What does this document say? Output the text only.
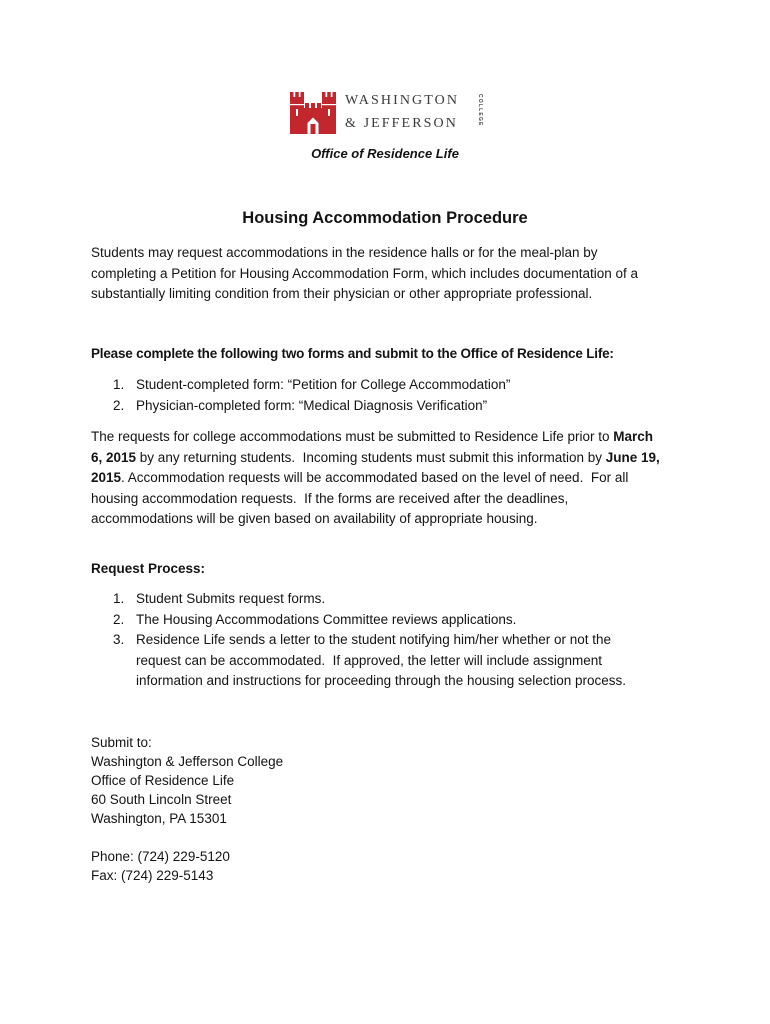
WASHINGTON
& JEFFERSON	COLLEGE
Office of Residence Life
Housing Accommodation Procedure
Students may request accommodations in the residence halls or for the meal-plan by
completing a Petition for Housing Accommodation Form, which includes documentation of a
substantially limiting condition from their physician or other appropriate professional.
Please complete the following two forms and submit to the Office of Residence Life:
1. Student-completed form: “Petition for College Accommodation”
2. Physician-completed form: “Medical Diagnosis Verification”
The requests for college accommodations must be submitted to Residence Life prior to March
6, 2015 by any returning students.  Incoming students must submit this information by June 19,
2015. Accommodation requests will be accommodated based on the level of need.  For all
housing accommodation requests.  If the forms are received after the deadlines,
accommodations will be given based on availability of appropriate housing.
Request Process:
1. Student Submits request forms.
2. The Housing Accommodations Committee reviews applications.
3. Residence Life sends a letter to the student notifying him/her whether or not the
request can be accommodated.  If approved, the letter will include assignment
information and instructions for proceeding through the housing selection process.
Submit to:
Washington & Jefferson College
Office of Residence Life
60 South Lincoln Street
Washington, PA 15301
Phone: (724) 229-5120
Fax: (724) 229-5143
